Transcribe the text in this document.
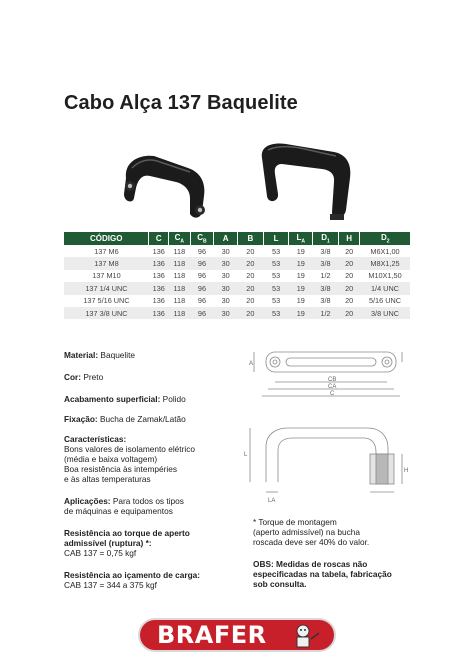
Cabo Alça 137 Baquelite
CÓDIGO	C	$C_A$	$C_B$	A	B	L	$L_A$	$D_1$	H	$D_2$
137 M6	136	118	96	30	20	53	19	3/8	20	M6X1,00
137 M8	136	118	96	30	20	53	19	3/8	20	M8X1,25
137 M10	136	118	96	30	20	53	19	1/2	20	M10X1,50
137 1/4 UNC	136	118	96	30	20	53	19	3/8	20	1/4 UNC
137 5/16 UNC	136	118	96	30	20	53	19	3/8	20	5/16 UNC
137 3/8 UNC	136	118	96	30	20	53	19	1/2	20	3/8 UNC
Material: Baquelite
Cor: Preto
Acabamento superficial: Polido
Fixação: Bucha de Zamak/Latão
Características:
Bons valores de isolamento elétrico
(média e baixa voltagem)
Boa resistência às intempéries
e às altas temperaturas
Aplicações: Para todos os tipos
de máquinas e equipamentos
Resistência ao torque de aperto
admissível (ruptura) *:
CAB 137 = 0,75 kgf
Resistência ao içamento de carga:
CAB 137 = 344 a 375 kgf
A
CB
CA
C
L
LA
H
* Torque de montagem
(aperto admissível) na bucha
roscada deve ser 40% do valor.
OBS: Medidas de roscas não
especificadas na tabela, fabricação
sob consulta.
BRAFER
